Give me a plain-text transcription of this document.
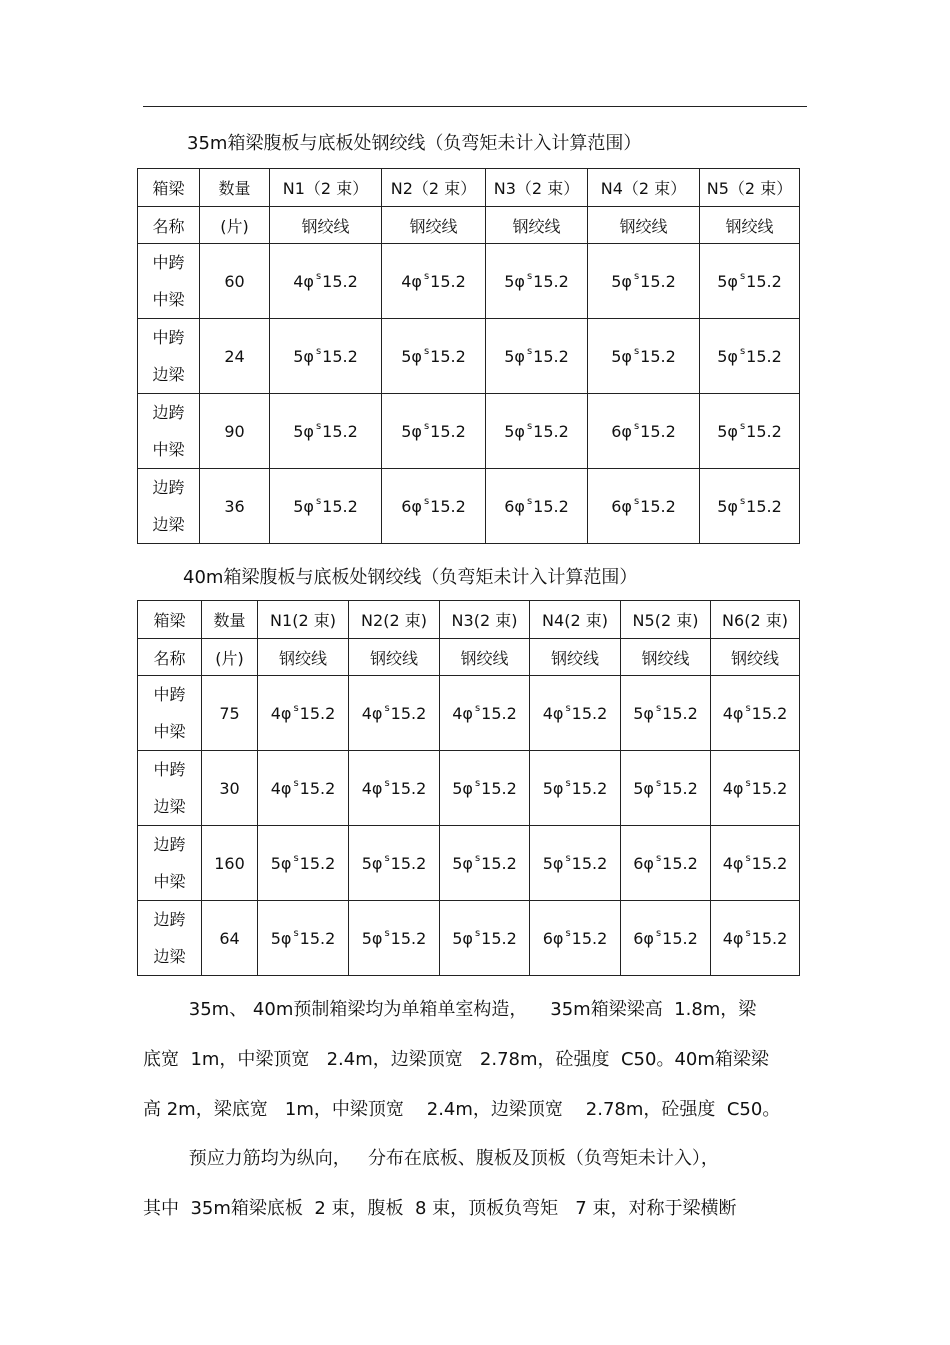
35m箱梁腹板与底板处钢绞线（负弯矩未计入计算范围）
箱梁	数量	N1（2 束）	N2（2 束）	N3（2 束）	N4（2 束）	N5（2 束）
名称	(片)	钢绞线	钢绞线	钢绞线	钢绞线	钢绞线

中跨
中梁	60	4φ $^s$15.2	4φ $^s$15.2	5φ $^s$15.2	5φ $^s$15.2	5φ $^s$15.2

中跨
边梁	24	5φ $^s$15.2	5φ $^s$15.2	5φ $^s$15.2	5φ $^s$15.2	5φ $^s$15.2

边跨
中梁	90	5φ $^s$15.2	5φ $^s$15.2	5φ $^s$15.2	6φ $^s$15.2	5φ $^s$15.2

边跨
边梁	36	5φ $^s$15.2	6φ $^s$15.2	6φ $^s$15.2	6φ $^s$15.2	5φ $^s$15.2
40m箱梁腹板与底板处钢绞线（负弯矩未计入计算范围）
箱梁	数量	N1(2 束)	N2(2 束)	N3(2 束)	N4(2 束)	N5(2 束)	N6(2 束)
名称	(片)	钢绞线	钢绞线	钢绞线	钢绞线	钢绞线	钢绞线

中跨
中梁	75	4φ $^s$15.2	4φ $^s$15.2	4φ $^s$15.2	4φ $^s$15.2	5φ $^s$15.2	4φ $^s$15.2

中跨
边梁	30	4φ $^s$15.2	4φ $^s$15.2	5φ $^s$15.2	5φ $^s$15.2	5φ $^s$15.2	4φ $^s$15.2

边跨
中梁	160	5φ $^s$15.2	5φ $^s$15.2	5φ $^s$15.2	5φ $^s$15.2	6φ $^s$15.2	4φ $^s$15.2

边跨
边梁	64	5φ $^s$15.2	5φ $^s$15.2	5φ $^s$15.2	6φ $^s$15.2	6φ $^s$15.2	4φ $^s$15.2
35m、 40m预制箱梁均为单箱单室构造，    35m箱梁梁高  1.8m，梁
底宽  1m，中梁顶宽   2.4m，边梁顶宽   2.78m，砼强度  C50。40m箱梁梁
高 2m，梁底宽   1m，中梁顶宽    2.4m，边梁顶宽    2.78m，砼强度  C50。
预应力筋均为纵向，   分布在底板、腹板及顶板（负弯矩未计入），
其中  35m箱梁底板  2 束，腹板  8 束，顶板负弯矩   7 束，对称于梁横断
